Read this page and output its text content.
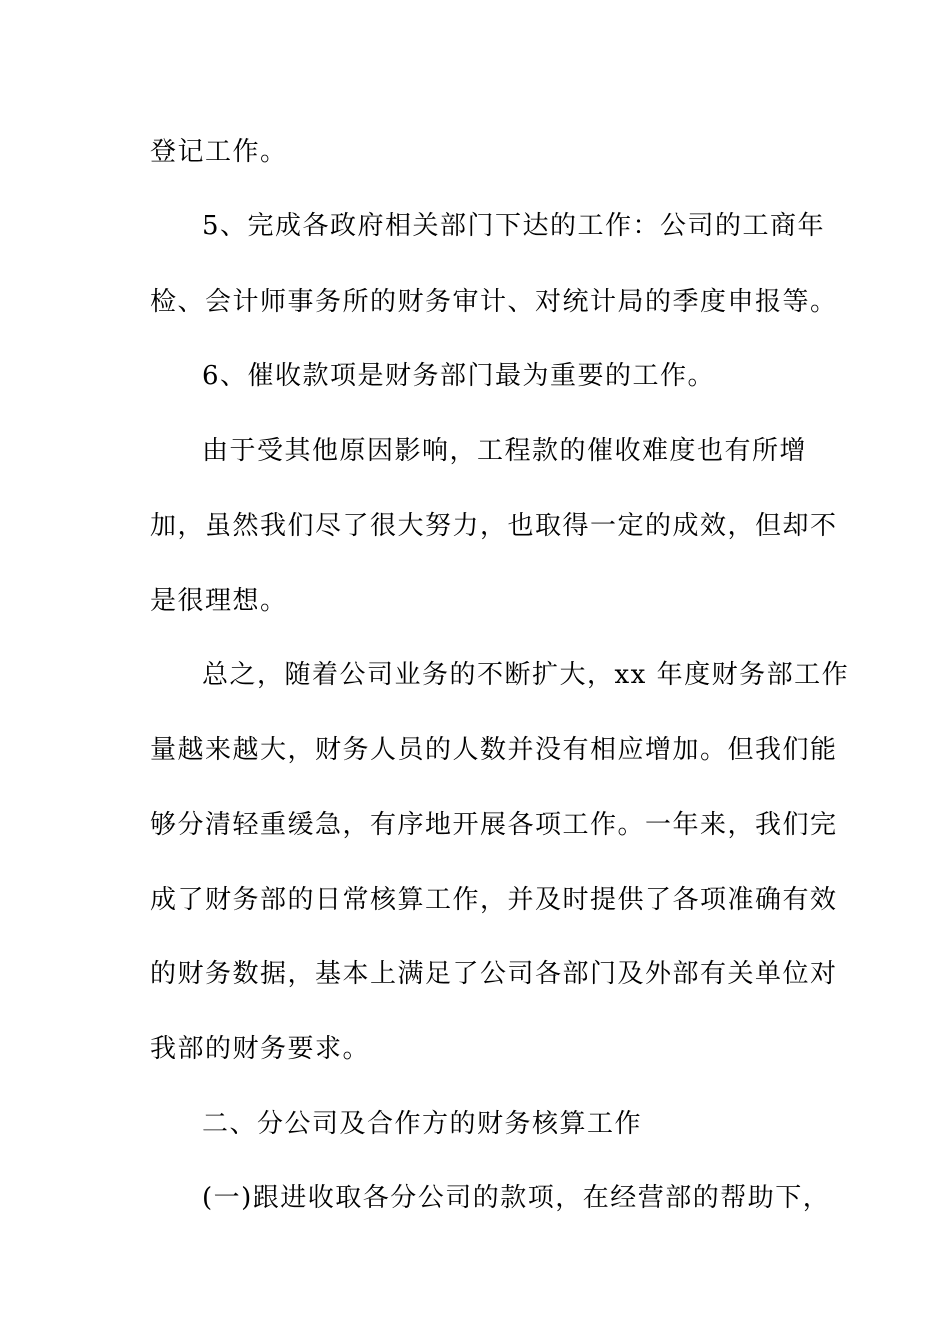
登记工作。
5、完成各政府相关部门下达的工作：公司的工商年
检、会计师事务所的财务审计、对统计局的季度申报等。
6、催收款项是财务部门最为重要的工作。
由于受其他原因影响，工程款的催收难度也有所增
加，虽然我们尽了很大努力，也取得一定的成效，但却不
是很理想。
总之，随着公司业务的不断扩大，xx 年度财务部工作
量越来越大，财务人员的人数并没有相应增加。但我们能
够分清轻重缓急，有序地开展各项工作。一年来，我们完
成了财务部的日常核算工作，并及时提供了各项准确有效
的财务数据，基本上满足了公司各部门及外部有关单位对
我部的财务要求。
二、分公司及合作方的财务核算工作
(一)跟进收取各分公司的款项，在经营部的帮助下，
